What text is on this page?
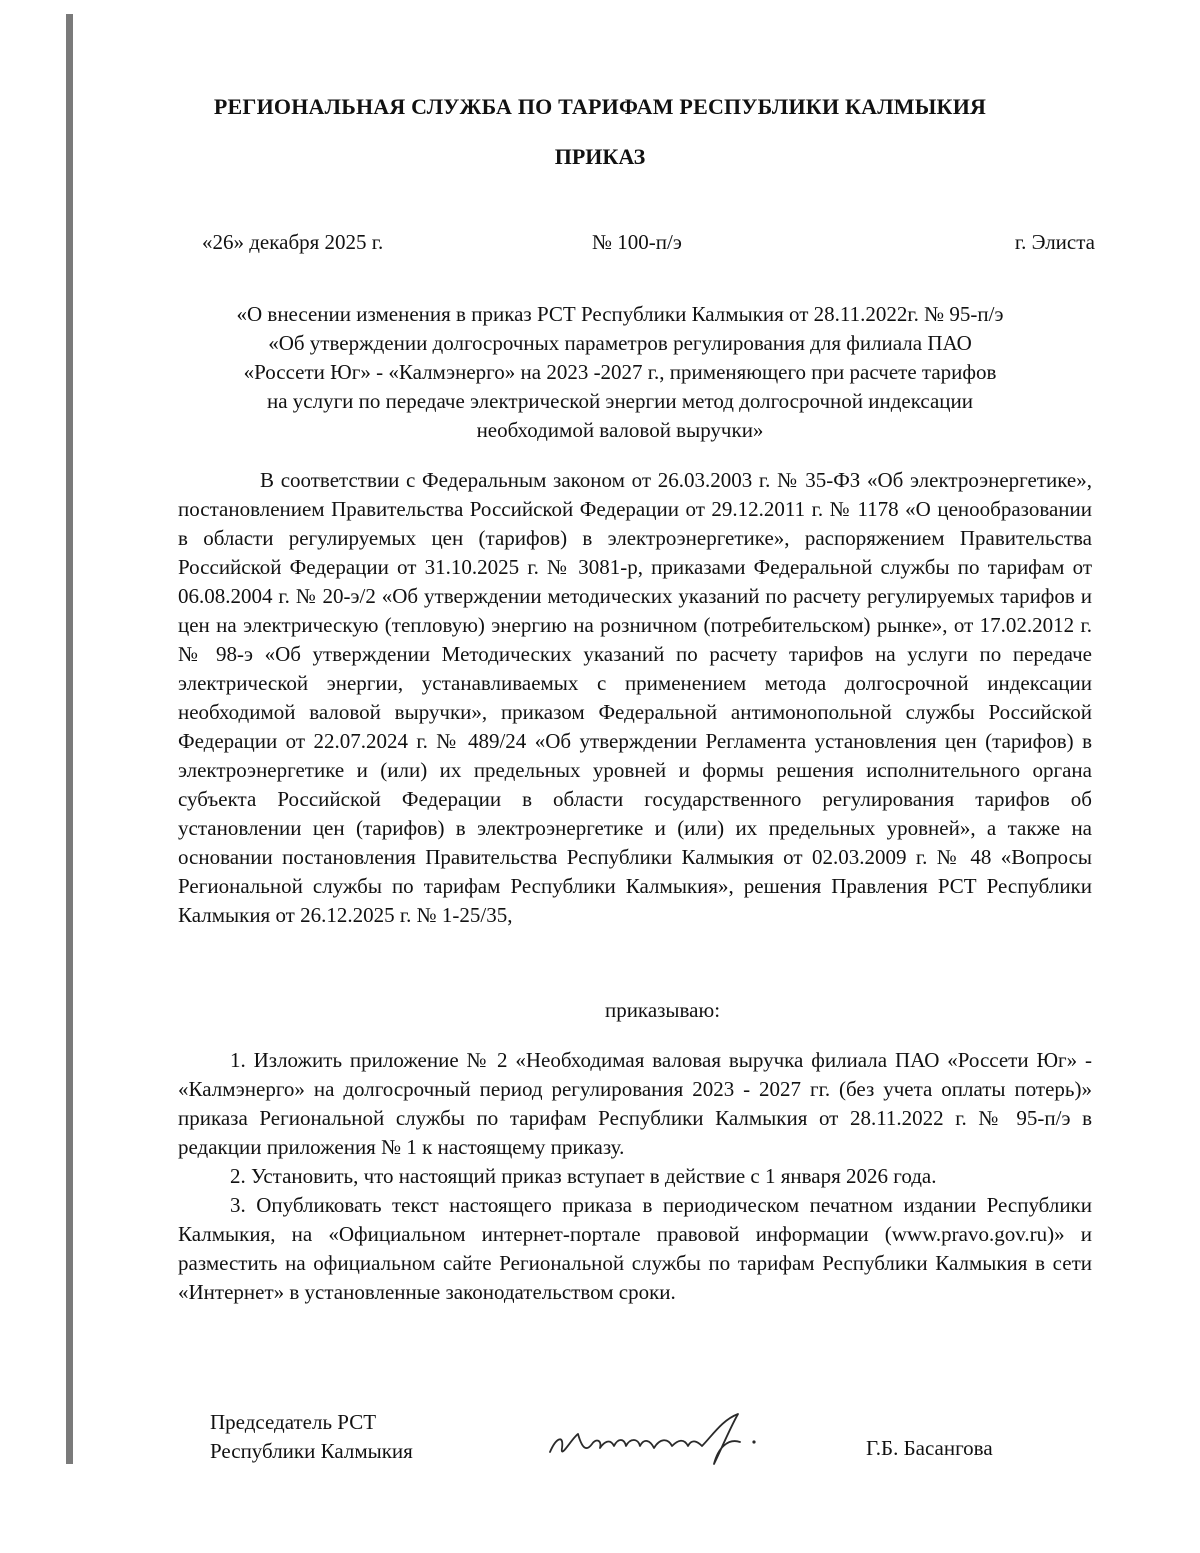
РЕГИОНАЛЬНАЯ СЛУЖБА ПО ТАРИФАМ РЕСПУБЛИКИ КАЛМЫКИЯ
ПРИКАЗ
«26» декабря 2025 г.	№ 100-п/э	г. Элиста
«О внесении изменения в приказ РСТ Республики Калмыкия от 28.11.2022г. № 95-п/э
«Об утверждении долгосрочных параметров регулирования для филиала ПАО
«Россети Юг» - «Калмэнерго» на 2023 -2027 г., применяющего при расчете тарифов
на услуги по передаче электрической энергии метод долгосрочной индексации
необходимой валовой выручки»

В соответствии с Федеральным законом от 26.03.2003 г. № 35-ФЗ «Об электроэнергетике», постановлением Правительства Российской Федерации от 29.12.2011 г. № 1178 «О ценообразовании в области регулируемых цен (тарифов) в электроэнергетике», распоряжением Правительства Российской Федерации от 31.10.2025 г. № 3081-р, приказами Федеральной службы по тарифам от 06.08.2004 г. № 20-э/2 «Об утверждении методических указаний по расчету регулируемых тарифов и цен на электрическую (тепловую) энергию на розничном (потребительском) рынке», от 17.02.2012 г. № 98-э «Об утверждении Методических указаний по расчету тарифов на услуги по передаче электрической энергии, устанавливаемых с применением метода долгосрочной индексации необходимой валовой выручки», приказом Федеральной антимонопольной службы Российской Федерации от 22.07.2024 г. № 489/24 «Об утверждении Регламента установления цен (тарифов) в электроэнергетике и (или) их предельных уровней и формы решения исполнительного органа субъекта Российской Федерации в области государственного регулирования тарифов об установлении цен (тарифов) в электроэнергетике и (или) их предельных уровней», а также на основании постановления Правительства Республики Калмыкия от 02.03.2009 г. № 48 «Вопросы Региональной службы по тарифам Республики Калмыкия», решения Правления РСТ Республики Калмыкия от 26.12.2025 г. № 1-25/35,

приказываю:

1. Изложить приложение № 2 «Необходимая валовая выручка филиала ПАО «Россети Юг» - «Калмэнерго» на долгосрочный период регулирования 2023 - 2027 гг. (без учета оплаты потерь)» приказа Региональной службы по тарифам Республики Калмыкия от 28.11.2022 г. № 95-п/э в редакции приложения № 1 к настоящему приказу.

2. Установить, что настоящий приказ вступает в действие с 1 января 2026 года.

3. Опубликовать текст настоящего приказа в периодическом печатном издании Республики Калмыкия, на «Официальном интернет-портале правовой информации (www.pravo.gov.ru)» и разместить на официальном сайте Региональной службы по тарифам Республики Калмыкия в сети «Интернет» в установленные законодательством сроки.

Председатель РСТ
Республики Калмыкия	Г.Б. Басангова
